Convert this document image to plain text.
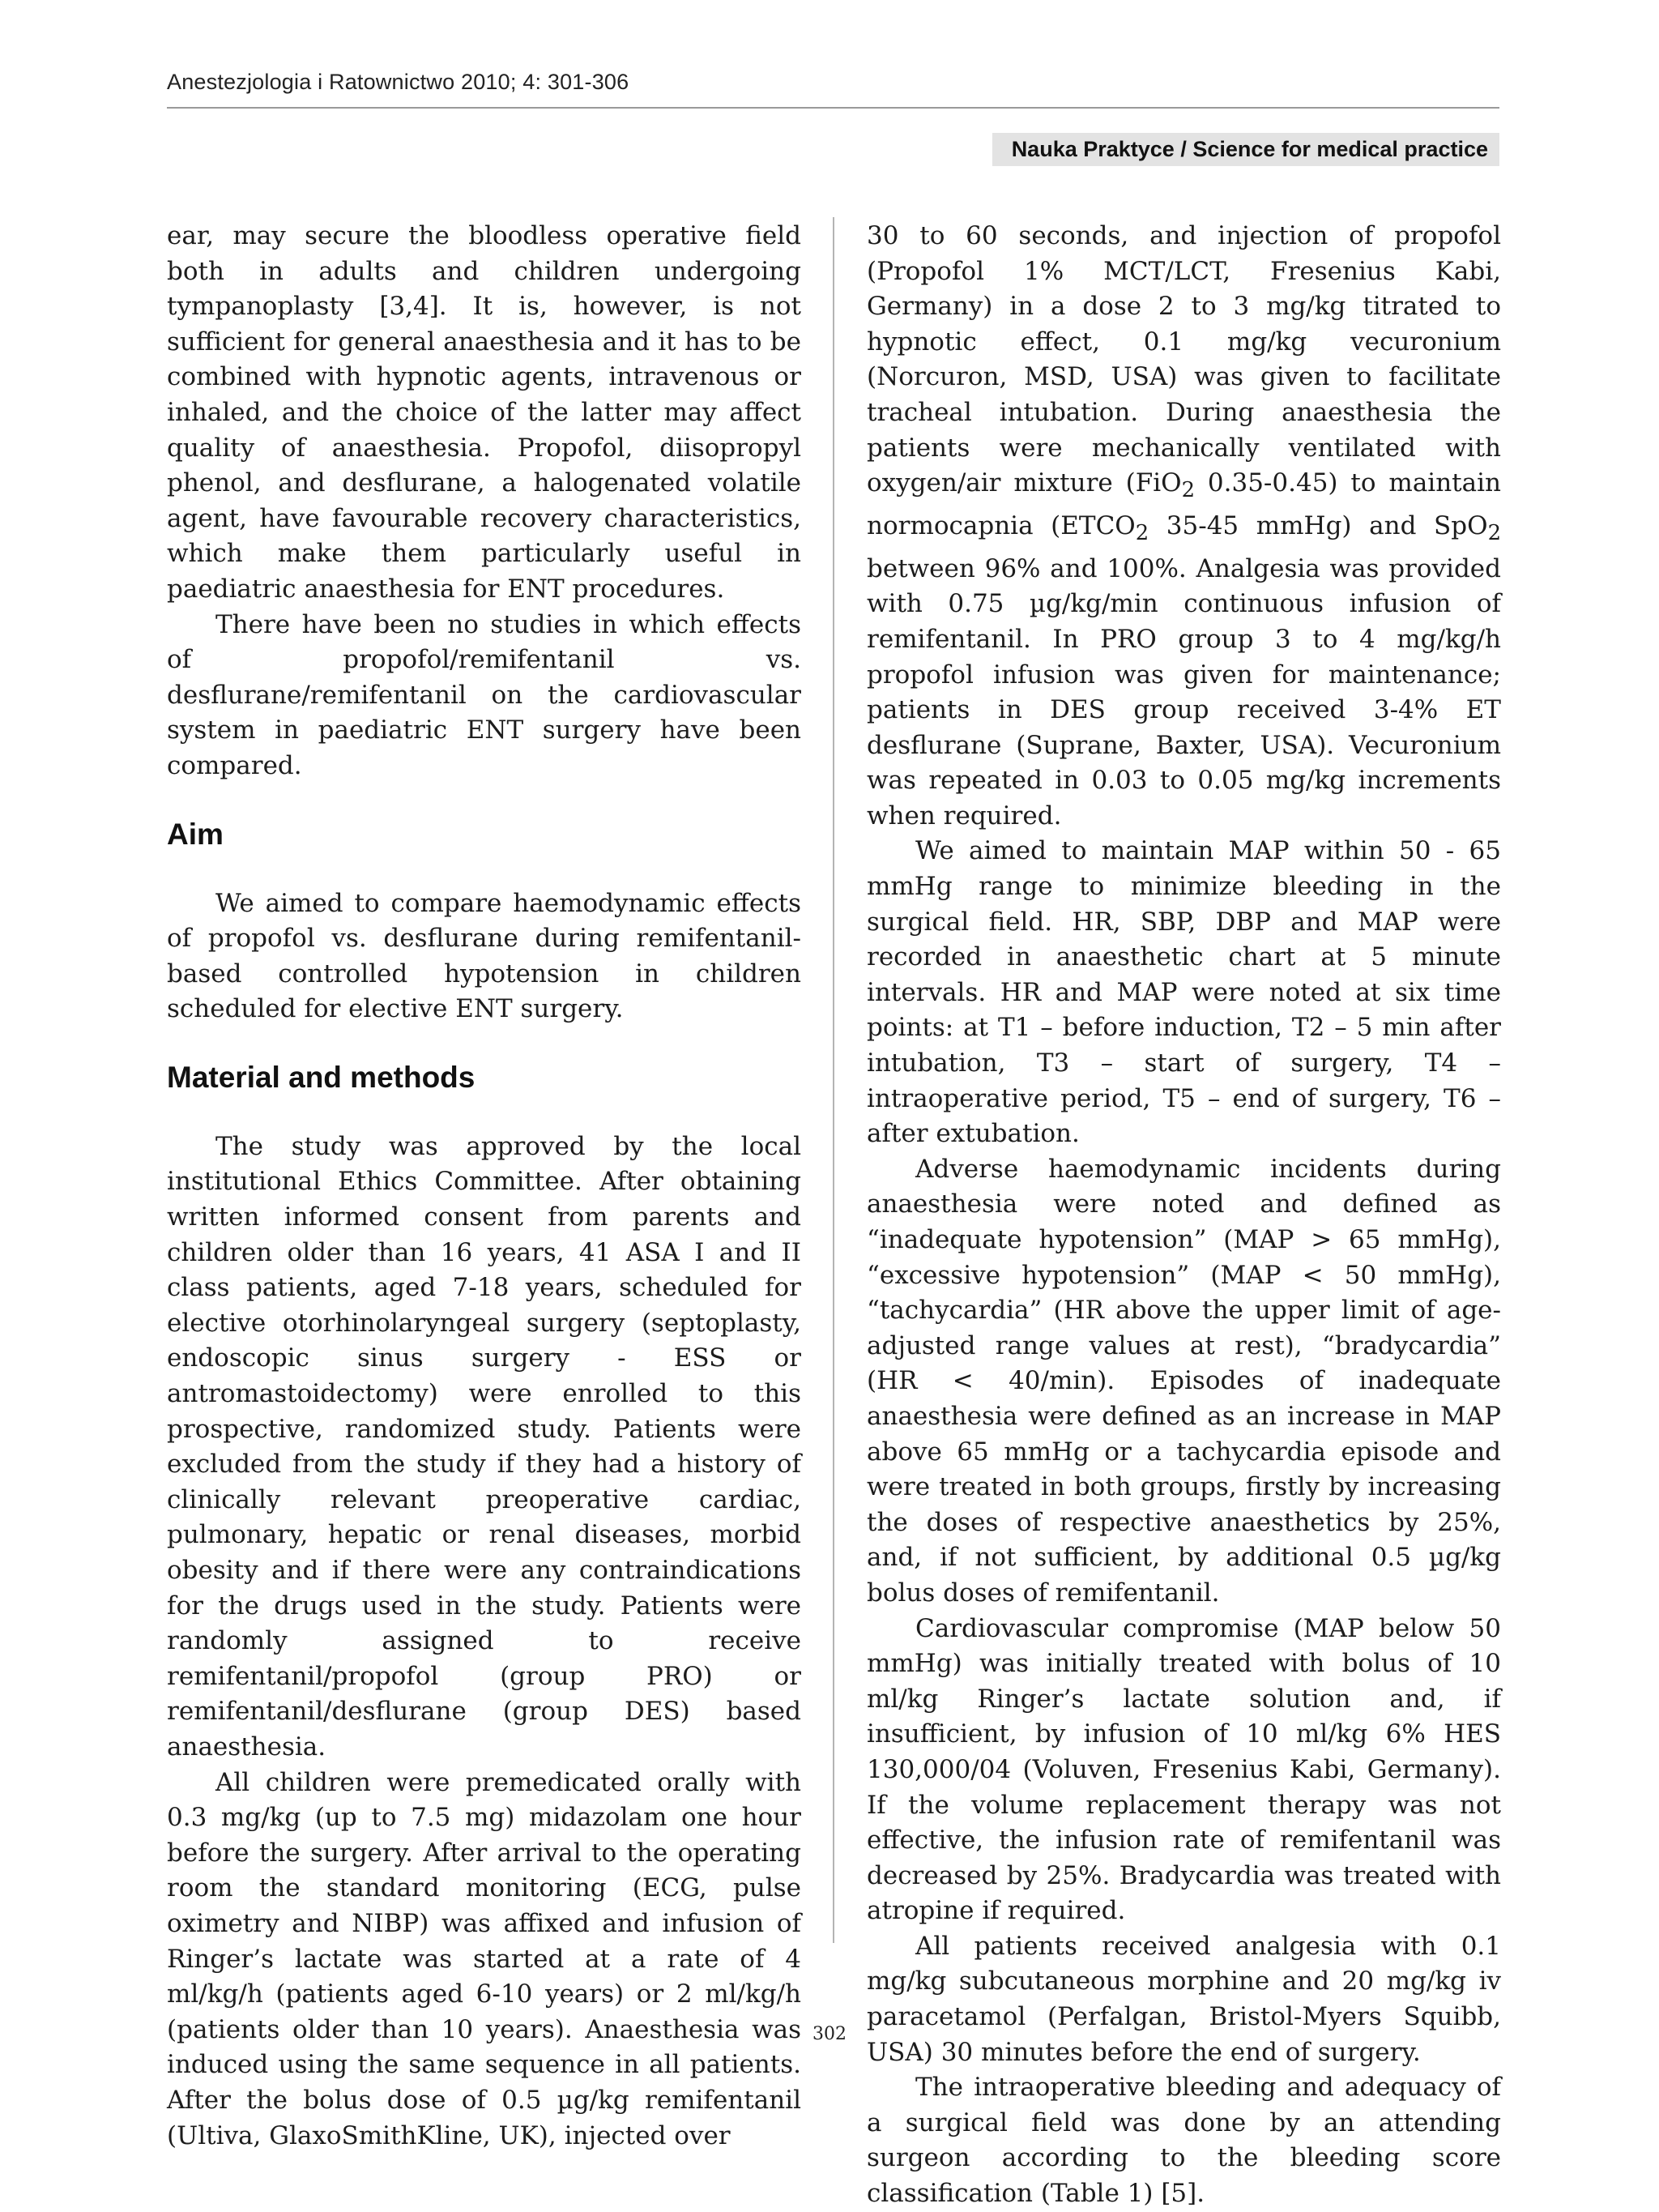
Anestezjologia i Ratownictwo 2010; 4: 301-306
Nauka Praktyce / Science for medical practice

ear, may secure the bloodless operative field both in adults and children undergoing tympanoplasty [3,4]. It is, however, is not sufficient for general anaesthesia and it has to be combined with hypnotic agents, intravenous or inhaled, and the choice of the latter may affect quality of anaesthesia. Propofol, diisopropyl phenol, and desflurane, a halogenated volatile agent, have favourable recovery characteristics, which make them particularly useful in paediatric anaesthesia for ENT procedures.

There have been no studies in which effects of propofol/remifentanil vs. desflurane/remifentanil on the cardiovascular system in paediatric ENT surgery have been compared.

Aim

We aimed to compare haemodynamic effects of propofol vs. desflurane during remifentanil-based controlled hypotension in children scheduled for elective ENT surgery.

Material and methods

The study was approved by the local institutional Ethics Committee. After obtaining written informed consent from parents and children older than 16 years, 41 ASA I and II class patients, aged 7-18 years, scheduled for elective otorhinolaryngeal surgery (septoplasty, endoscopic sinus surgery - ESS or antromastoidectomy) were enrolled to this prospective, randomized study. Patients were excluded from the study if they had a history of clinically relevant preoperative cardiac, pulmonary, hepatic or renal diseases, morbid obesity and if there were any contraindications for the drugs used in the study. Patients were randomly assigned to receive remifentanil/propofol (group PRO) or remifentanil/desflurane (group DES) based anaesthesia.

All children were premedicated orally with 0.3 mg/kg (up to 7.5 mg) midazolam one hour before the surgery. After arrival to the operating room the standard monitoring (ECG, pulse oximetry and NIBP) was affixed and infusion of Ringer’s lactate was started at a rate of 4 ml/kg/h (patients aged 6-10 years) or 2 ml/kg/h (patients older than 10 years). Anaesthesia was induced using the same sequence in all patients. After the bolus dose of 0.5 µg/kg remifentanil (Ultiva, GlaxoSmithKline, UK), injected over

30 to 60 seconds, and injection of propofol (Propofol 1% MCT/LCT, Fresenius Kabi, Germany) in a dose 2 to 3 mg/kg titrated to hypnotic effect, 0.1 mg/kg vecuronium (Norcuron, MSD, USA) was given to facilitate tracheal intubation. During anaesthesia the patients were mechanically ventilated with oxygen/air mixture (FiO$_2$ 0.35-0.45) to maintain normocapnia ($ETCO_2$ 35-45 mmHg) and SpO$_2$ between 96% and 100%. Analgesia was provided with 0.75 µg/kg/min continuous infusion of remifentanil. In PRO group 3 to 4 mg/kg/h propofol infusion was given for maintenance; patients in DES group received 3-4% ET desflurane (Suprane, Baxter, USA). Vecuronium was repeated in 0.03 to 0.05 mg/kg increments when required.

We aimed to maintain MAP within 50 - 65 mmHg range to minimize bleeding in the surgical field. HR, SBP, DBP and MAP were recorded in anaesthetic chart at 5 minute intervals. HR and MAP were noted at six time points: at T1 – before induction, T2 – 5 min after intubation, T3 – start of surgery, T4 – intraoperative period, T5 – end of surgery, T6 – after extubation.

Adverse haemodynamic incidents during anaesthesia were noted and defined as “inadequate hypotension” (MAP > 65 mmHg), “excessive hypotension” (MAP < 50 mmHg), “tachycardia” (HR above the upper limit of age-adjusted range values at rest), “bradycardia” (HR < 40/min). Episodes of inadequate anaesthesia were defined as an increase in MAP above 65 mmHg or a tachycardia episode and were treated in both groups, firstly by increasing the doses of respective anaesthetics by 25%, and, if not sufficient, by additional 0.5 µg/kg bolus doses of remifentanil.

Cardiovascular compromise (MAP below 50 mmHg) was initially treated with bolus of 10 ml/kg Ringer’s lactate solution and, if insufficient, by infusion of 10 ml/kg 6% HES 130,000/04 (Voluven, Fresenius Kabi, Germany). If the volume replacement therapy was not effective, the infusion rate of remifentanil was decreased by 25%. Bradycardia was treated with atropine if required.

All patients received analgesia with 0.1 mg/kg subcutaneous morphine and 20 mg/kg iv paracetamol (Perfalgan, Bristol-Myers Squibb, USA) 30 minutes before the end of surgery.

The intraoperative bleeding and adequacy of a surgical field was done by an attending surgeon according to the bleeding score classification (Table 1) [5].

302
